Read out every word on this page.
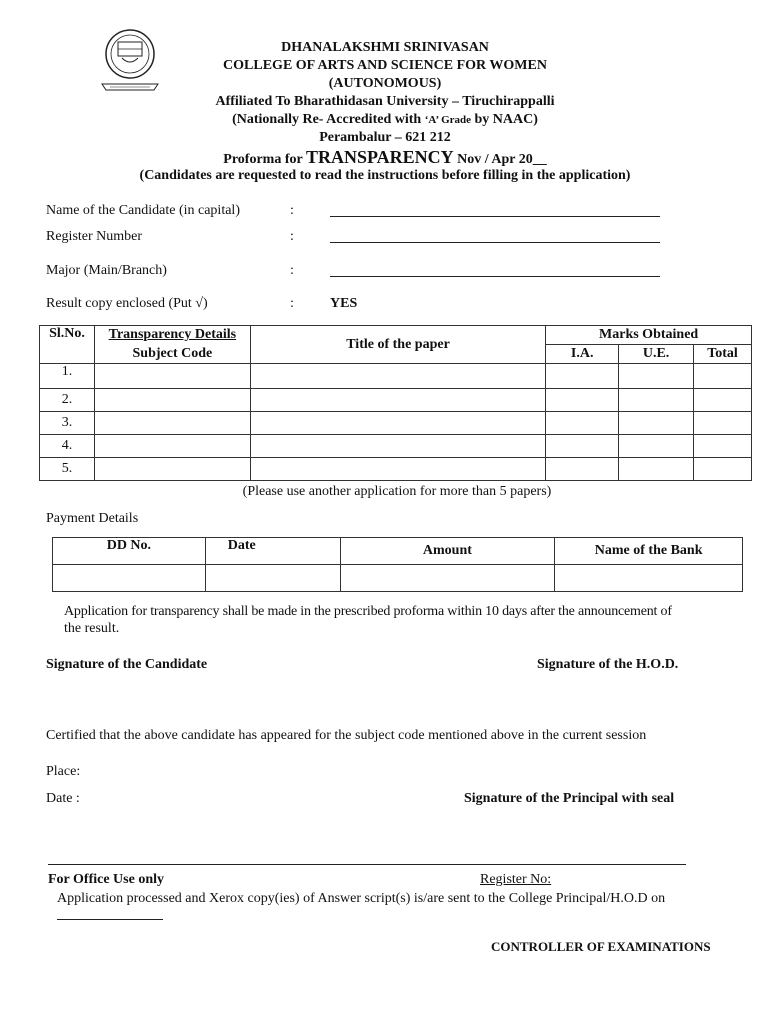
DHANALAKSHMI SRINIVASAN
COLLEGE OF ARTS AND SCIENCE FOR WOMEN
(AUTONOMOUS)
Affiliated To Bharathidasan University – Tiruchirappalli
(Nationally Re- Accredited with ‘A’ Grade by NAAC)
Perambalur – 621 212
Proforma for TRANSPARENCY Nov / Apr 20__
(Candidates are requested to read the instructions before filling in the application)
Name of the Candidate (in capital)	:
Register Number	:
Major (Main/Branch)	:
Result copy enclosed (Put √)	:	YES
Sl.No.	Transparency Details	Title of the paper	Marks Obtained		
	Subject Code		I.A.	U.E.	Total
1.					
2.					
3.					
4.					
5.					
(Please use another application for more than 5 papers)
Payment Details
DD No.	Date	Amount	Name of the Bank

Application for transparency shall be made in the prescribed proforma within 10 days after the announcement of
the result.
Signature of the Candidate	Signature of the H.O.D.
Certified that the above candidate has appeared for the subject code mentioned above in the current session
Place:
Date :	Signature of the Principal with seal
For Office Use only	Register No:
Application processed and Xerox copy(ies) of Answer script(s) is/are sent to the College Principal/H.O.D on
CONTROLLER OF EXAMINATIONS
